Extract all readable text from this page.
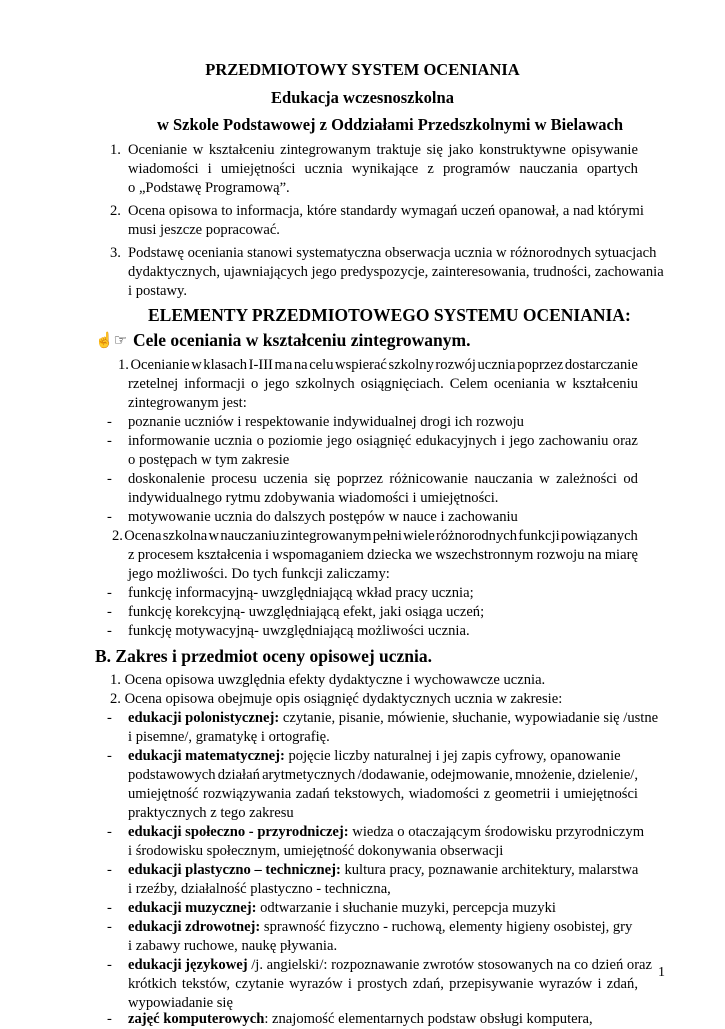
PRZEDMIOTOWY SYSTEM OCENIANIA
Edukacja wczesnoszkolna
w Szkole Podstawowej z Oddziałami Przedszkolnymi w Bielawach
1. Ocenianie w kształceniu zintegrowanym traktuje się jako konstruktywne opisywanie
wiadomości i umiejętności ucznia wynikające z programów nauczania opartych
o „Podstawę Programową”.
2. Ocena opisowa to informacja, które standardy wymagań uczeń opanował, a nad którymi
musi jeszcze popracować.
3. Podstawę oceniania stanowi systematyczna obserwacja ucznia w różnorodnych sytuacjach
dydaktycznych, ujawniających jego predyspozycje, zainteresowania, trudności, zachowania
i postawy.
ELEMENTY PRZEDMIOTOWEGO SYSTEMU OCENIANIA:
☝☞ Cele oceniania w kształceniu zintegrowanym.
1. Ocenianie w klasach I-III ma na celu wspierać szkolny rozwój ucznia poprzez dostarczanie
rzetelnej informacji o jego szkolnych osiągnięciach. Celem oceniania w kształceniu
zintegrowanym jest:
- poznanie uczniów i respektowanie indywidualnej drogi ich rozwoju
- informowanie ucznia o poziomie jego osiągnięć edukacyjnych i jego zachowaniu oraz
o postępach w tym zakresie
- doskonalenie procesu uczenia się poprzez różnicowanie nauczania w zależności od
indywidualnego rytmu zdobywania wiadomości i umiejętności.
- motywowanie ucznia do dalszych postępów w nauce i zachowaniu
2. Ocena szkolna w nauczaniu zintegrowanym pełni wiele różnorodnych funkcji powiązanych
z procesem kształcenia i wspomaganiem dziecka we wszechstronnym rozwoju na miarę
jego możliwości. Do tych funkcji zaliczamy:
- funkcję informacyjną- uwzględniającą wkład pracy ucznia;
- funkcję korekcyjną- uwzględniającą efekt, jaki osiąga uczeń;
- funkcję motywacyjną- uwzględniającą możliwości ucznia.
B. Zakres i przedmiot oceny opisowej ucznia.
1. Ocena opisowa uwzględnia efekty dydaktyczne i wychowawcze ucznia.
2. Ocena opisowa obejmuje opis osiągnięć dydaktycznych ucznia w zakresie:
- edukacji polonistycznej: czytanie, pisanie, mówienie, słuchanie, wypowiadanie się /ustne
i pisemne/, gramatykę i ortografię.
- edukacji matematycznej: pojęcie liczby naturalnej i jej zapis cyfrowy, opanowanie
podstawowych działań arytmetycznych /dodawanie, odejmowanie, mnożenie, dzielenie/,
umiejętność rozwiązywania zadań tekstowych, wiadomości z geometrii i umiejętności
praktycznych z tego zakresu
- edukacji społeczno - przyrodniczej: wiedza o otaczającym środowisku przyrodniczym
i środowisku społecznym, umiejętność dokonywania obserwacji
- edukacji plastyczno – technicznej: kultura pracy, poznawanie architektury, malarstwa
i rzeźby, działalność plastyczno - techniczna,
- edukacji muzycznej: odtwarzanie i słuchanie muzyki, percepcja muzyki
- edukacji zdrowotnej: sprawność fizyczno - ruchową, elementy higieny osobistej, gry
i zabawy ruchowe, naukę pływania.
- edukacji językowej /j. angielski/: rozpoznawanie zwrotów stosowanych na co dzień oraz
krótkich tekstów, czytanie wyrazów i prostych zdań, przepisywanie wyrazów i zdań,
wypowiadanie się
1
- zajęć komputerowych: znajomość elementarnych podstaw obsługi komputera,
